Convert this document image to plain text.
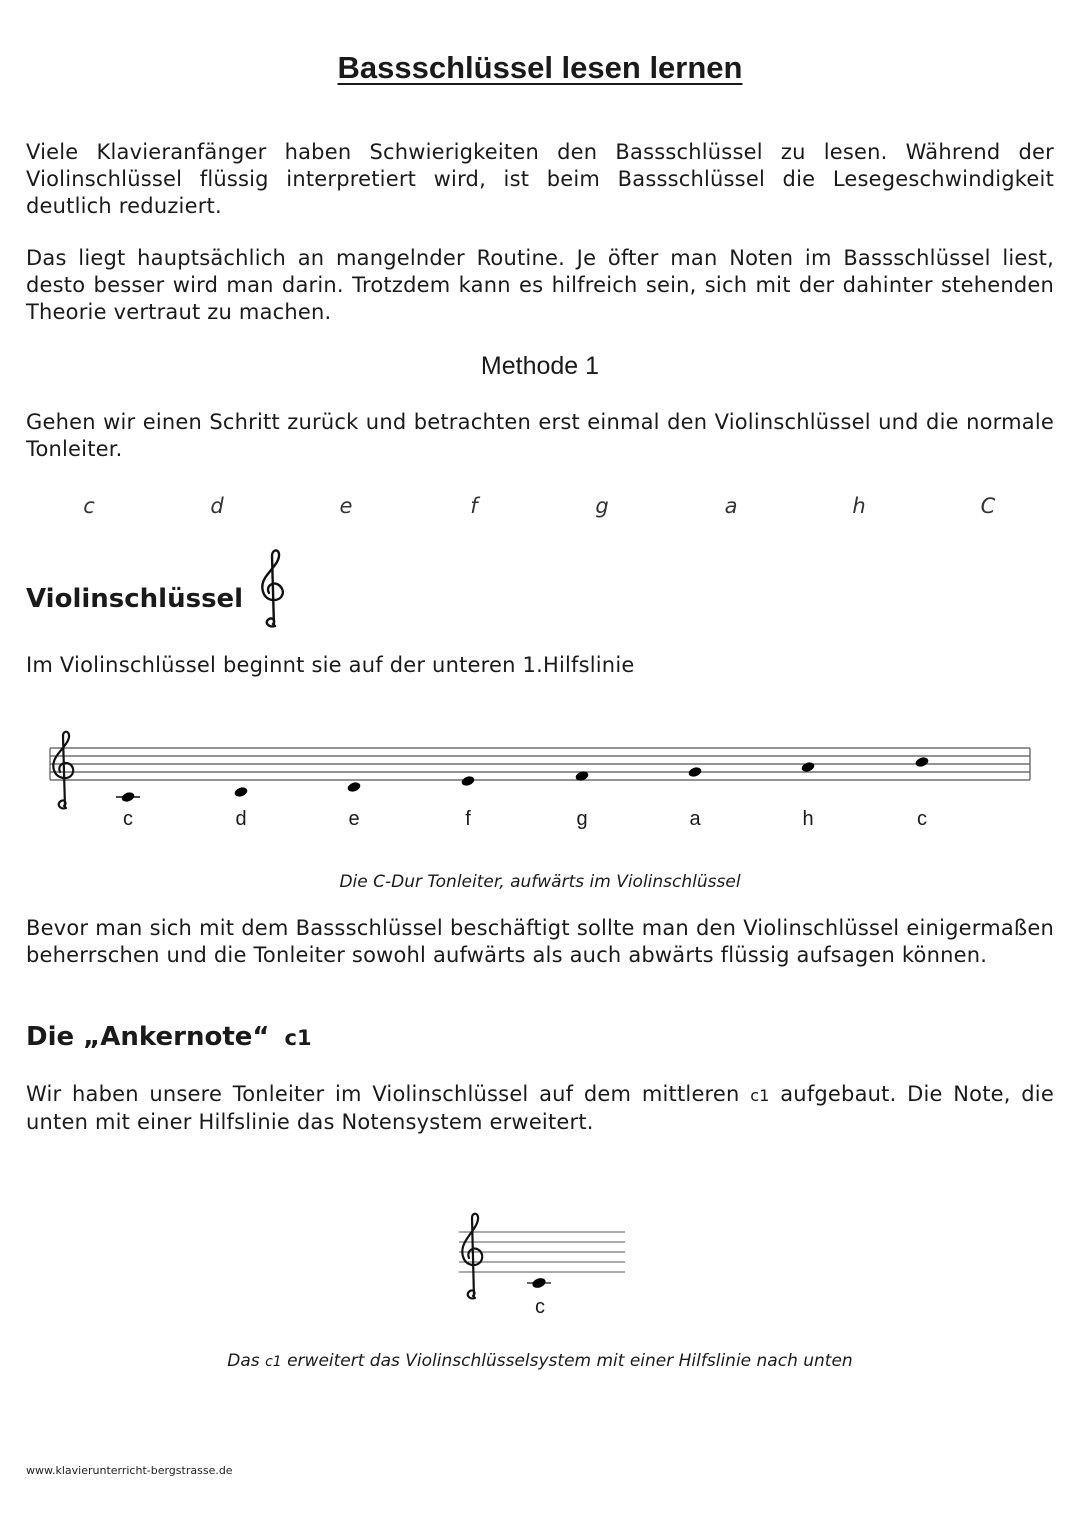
Bassschlüssel lesen lernen
Viele Klavieranfänger haben Schwierigkeiten den Bassschlüssel zu lesen. Während der Violinschlüssel flüssig interpretiert wird, ist beim Bassschlüssel die Lesegeschwindigkeit deutlich reduziert.
Das liegt hauptsächlich an mangelnder Routine. Je öfter man Noten im Bassschlüssel liest, desto besser wird man darin. Trotzdem kann es hilfreich sein, sich mit der dahinter stehenden Theorie vertraut zu machen.
Methode 1
Gehen wir einen Schritt zurück und betrachten erst einmal den Violinschlüssel und die normale Tonleiter.
c	d	e	f	g	a	h	C
Violinschlüssel
Im Violinschlüssel beginnt sie auf der unteren 1.Hilfslinie
c	d	e	f	g	a	h	c
Die C-Dur Tonleiter, aufwärts im Violinschlüssel
Bevor man sich mit dem Bassschlüssel beschäftigt sollte man den Violinschlüssel einigermaßen beherrschen und die Tonleiter sowohl aufwärts als auch abwärts flüssig aufsagen können.
Die „Ankernote“ c1
Wir haben unsere Tonleiter im Violinschlüssel auf dem mittleren c1 aufgebaut. Die Note, die unten mit einer Hilfslinie das Notensystem erweitert.
c
Das c1 erweitert das Violinschlüsselsystem mit einer Hilfslinie nach unten
www.klavierunterricht-bergstrasse.de
